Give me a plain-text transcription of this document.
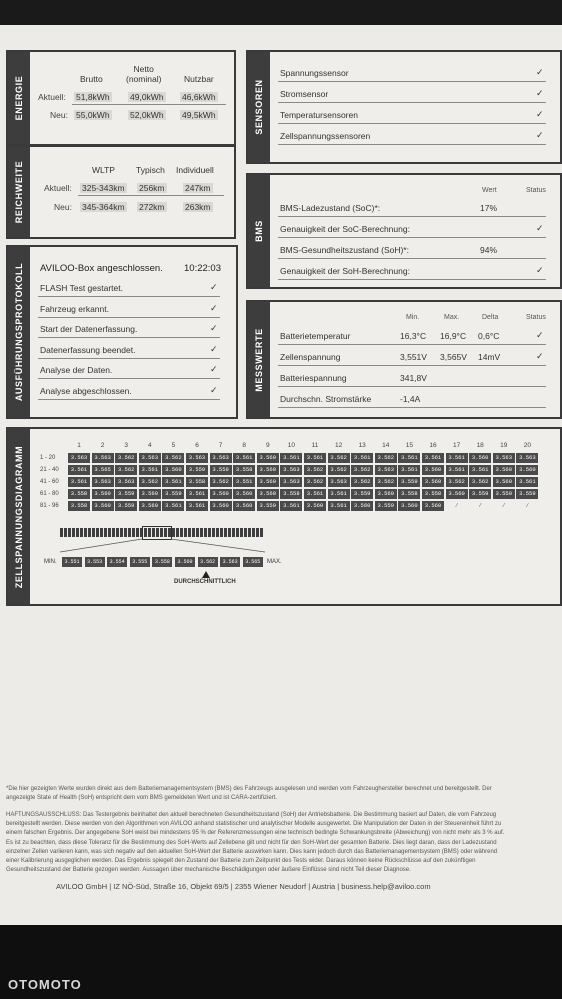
ENERGIE	Brutto
Netto
(nominal)	Nutzbar
Aktuell: 51,8kWh 49,0kWh 46,6kWh
Neu: 55,0kWh 52,0kWh 49,5kWh
REICHWEITE	WLTP Typisch Individuell
Aktuell: 325-343km 256km 247km
Neu: 345-364km 272km 263km
AUSFÜHRUNGSPROTOKOLL AVILOO-Box angeschlossen. 10:22:03
FLASH Test gestartet.	✓
Fahrzeug erkannt.	✓
Start der Datenerfassung.	✓
Datenerfassung beendet.	✓
Analyse der Daten.	✓
Analyse abgeschlossen.	✓
SENSOREN
Spannungssensor	✓
Stromsensor	✓
Temperatursensoren	✓
Zellspannungssensoren	✓
BMS
Wert	Status
BMS-Ladezustand (SoC)*:	17%
Genauigkeit der SoC-Berechnung:	✓
BMS-Gesundheitszustand (SoH)*:	94%
Genauigkeit der SoH-Berechnung:	✓
MESSWERTE
Min.	Max.	Delta	Status
Batterietemperatur	16,3°C 16,9°C 0,6°C	✓
Zellenspannung	3,551V 3,565V 14mV	✓
Batteriespannung	341,8V
Durchschn. Stromstärke	-1,4A
ZELLSPANNUNGSDIAGRAMM	1	2	3	4	5	6	7	8	9	10	11	12	13	14	15	16	17	18	19	20
1 - 20	3.563	3.563	3.562	3.563	3.562	3.563	3.563	3.561	3.560	3.561	3.561	3.562	3.561	3.562	3.561	3.561	3.561	3.560	3.563	3.563
21 - 40	3.561	3.565	3.562	3.561	3.560	3.559	3.559	3.558	3.560	3.563	3.562	3.562	3.562	3.563	3.561	3.560	3.561	3.561	3.560	3.560
41 - 60	3.561	3.563	3.563	3.562	3.561	3.558	3.562	3.551	3.560	3.563	3.562	3.563	3.562	3.562	3.559	3.560	3.562	3.562	3.560	3.561
61 - 80	3.558	3.560	3.559	3.560	3.559	3.561	3.560	3.560	3.560	3.558	3.561	3.561	3.559	3.560	3.558	3.558	3.560	3.559	3.559	3.559
81 - 96	3.558	3.560	3.559	3.560	3.561	3.561	3.560	3.560	3.559	3.561	3.560	3.561	3.560	3.559	3.560	3.560	/	/	/	/
MIN.	MAX.
3.551	3.553	3.554	3.555	3.558	3.560	3.562	3.563	3.565
DURCHSCHNITTLICH
*Die hier gezeigten Werte wurden direkt aus dem Batteriemanagementsystem (BMS) des Fahrzeugs ausgelesen und werden vom Fahrzeughersteller berechnet und bereitgestellt. Der
angezeigte State of Health (SoH) entspricht dem vom BMS gemeldeten Wert und ist CARA-zertifiziert.
HAFTUNGSAUSSCHLUSS: Das Testergebnis beinhaltet den aktuell berechneten Gesundheitszustand (SoH) der Antriebsbatterie. Die Bestimmung basiert auf Daten, die vom Fahrzeug
bereitgestellt werden. Diese werden von den Algorithmen von AVILOO anhand statistischer und analytischer Modelle ausgewertet. Die Manipulation der Daten in der Steuereinheit führt zu
einem falschen Ergebnis. Der angegebene SoH weist bei mindestens 95 % der Referenzmessungen eine technisch bedingte Schwankungsbreite (Abweichung) von nicht mehr als 3 % auf.
Es ist zu beachten, dass diese Toleranz für die Bestimmung des SoH-Werts auf Zellebene gilt und nicht für den SoH-Wert der gesamten Batterie. Dies liegt daran, dass der Ladezustand
einzelner Zellen variieren kann, was sich negativ auf den aktuellen SoH-Wert der Batterie auswirken kann. Dies kann jedoch durch das Batteriemanagementsystem (BMS) oder während
einer Kalibrierung ausgeglichen werden. Das Ergebnis spiegelt den Zustand der Batterie zum Zeitpunkt des Tests wider. Daraus können keine Rückschlüsse auf den zukünftigen
Gesundheitszustand der Batterie gezogen werden. Aussagen über mechanische Beschädigungen oder äußere Einflüsse sind nicht Teil dieser Diagnose.
AVILOO GmbH | IZ NÖ-Süd, Straße 16, Objekt 69/5 | 2355 Wiener Neudorf | Austria | business.help@aviloo.com
OTOMOTO
